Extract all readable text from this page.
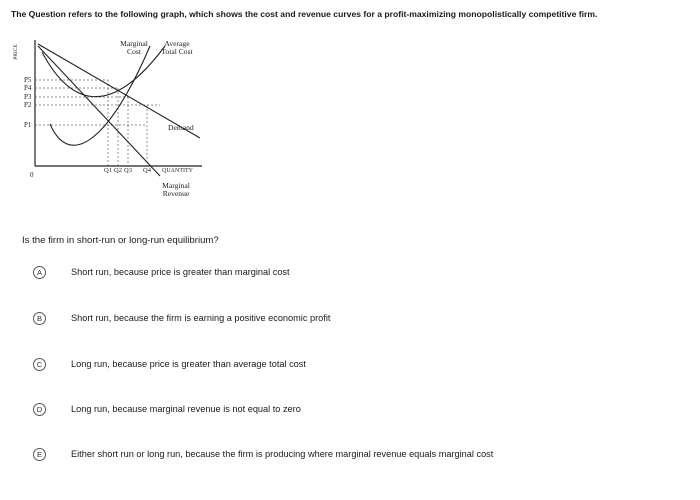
The Question refers to the following graph, which shows the cost and revenue curves for a profit-maximizing monopolistically competitive firm.
PRICE
Marginal
Cost
Average
Total Cost
Demand
P5
P4
P3
P2
P1
0
Q1 Q2 Q3 Q4 QUANTITY
Marginal
Revenue
Is the firm in short-run or long-run equilibrium?
A	Short run, because price is greater than marginal cost
B	Short run, because the firm is earning a positive economic profit
C	Long run, because price is greater than average total cost
D	Long run, because marginal revenue is not equal to zero
E	Either short run or long run, because the firm is producing where marginal revenue equals marginal cost
